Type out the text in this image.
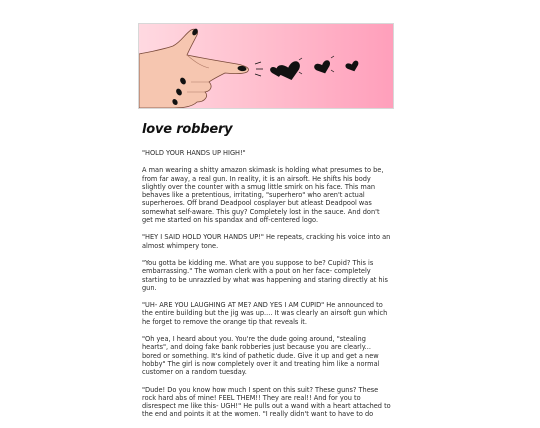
love robbery

"HOLD YOUR HANDS UP HIGH!"

A man wearing a shitty amazon skimask is holding what presumes to be, from far away, a real gun. In reality, it is an airsoft. He shifts his body slightly over the counter with a smug little smirk on his face. This man behaves like a pretentious, irritating, "superhero" who aren't actual superheroes. Off brand Deadpool cosplayer but atleast Deadpool was somewhat self-aware. This guy? Completely lost in the sauce. And don't get me started on his spandax and off-centered logo.

"HEY I SAID HOLD YOUR HANDS UP!" He repeats, cracking his voice into an almost whimpery tone.

"You gotta be kidding me. What are you suppose to be? Cupid? This is embarrassing." The woman clerk with a pout on her face- completely starting to be unrazzled by what was happening and staring directly at his gun.

"UH- ARE YOU LAUGHING AT ME? AND YES I AM CUPID" He announced to the entire building but the jig was up.... It was clearly an airsoft gun which he forget to remove the orange tip that reveals it.

"Oh yea, I heard about you. You're the dude going around, "stealing hearts", and doing fake bank robberies just because you are clearly... bored or something. It's kind of pathetic dude. Give it up and get a new hobby" The girl is now completely over it and treating him like a normal customer on a random tuesday.

"Dude! Do you know how much I spent on this suit? These guns? These rock hard abs of mine! FEEL THEM!! They are real!! And for you to disrespect me like this- UGH!" He pulls out a wand with a heart attached to the end and points it at the women. "I really didn't want to have to do
